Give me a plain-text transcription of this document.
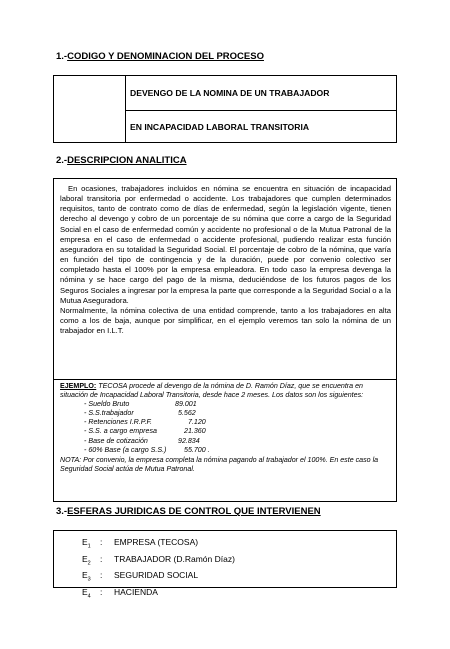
1.-CODIGO Y DENOMINACION DEL PROCESO
DEVENGO DE LA NOMINA DE UN TRABAJADOR
EN INCAPACIDAD LABORAL TRANSITORIA
2.-DESCRIPCION ANALITICA

En ocasiones, trabajadores incluidos en nómina se encuentra en situación de incapacidad laboral transitoria por enfermedad o accidente. Los trabajadores que cumplen determinados requisitos, tanto de contrato como de días de enfermedad, según la legislación vigente, tienen derecho al devengo y cobro de un porcentaje de su nómina que corre a cargo de la Seguridad Social en el caso de enfermedad común y accidente no profesional o de la Mutua Patronal de la empresa en el caso de enfermedad o accidente profesional, pudiendo realizar esta función aseguradora en su totalidad la Seguridad Social. El porcentaje de cobro de la nómina, que varía en función del tipo de contingencia y de la duración, puede por convenio colectivo ser completado hasta el 100% por la empresa empleadora. En todo caso la empresa devenga la nómina y se hace cargo del pago de la misma, deduciéndose de los futuros pagos de los Seguros Sociales a ingresar por la empresa la parte que corresponde a la Seguridad Social o a la Mutua Aseguradora.

Normalmente, la nómina colectiva de una entidad comprende, tanto a los trabajadores en alta como a los de baja, aunque por simplificar, en el ejemplo veremos tan solo la nómina de un trabajador en I.L.T.

EJEMPLO: TECOSA procede al devengo de la nómina de D. Ramón Díaz, que se encuentra en situación de Incapacidad Laboral Transitoria, desde hace 2 meses. Los datos son los siguientes:
- Sueldo Bruto	89.001
- S.S.trabajador	5.562
- Retenciones I.R.P.F.	7.120
- S.S. a cargo empresa	21.360
- Base de cotización	92.834
- 60% Base (a cargo S.S.) 55.700 .
NOTA: Por convenio, la empresa completa la nómina pagando al trabajador el 100%. En este caso la Seguridad Social actúa de Mutua Patronal.
3.-ESFERAS JURIDICAS DE CONTROL QUE INTERVIENEN
$E_1$	:	EMPRESA (TECOSA)
$E_2$	:	TRABAJADOR (D.Ramón Díaz)
$E_3$	:	SEGURIDAD SOCIAL
$E_4$	:	HACIENDA
